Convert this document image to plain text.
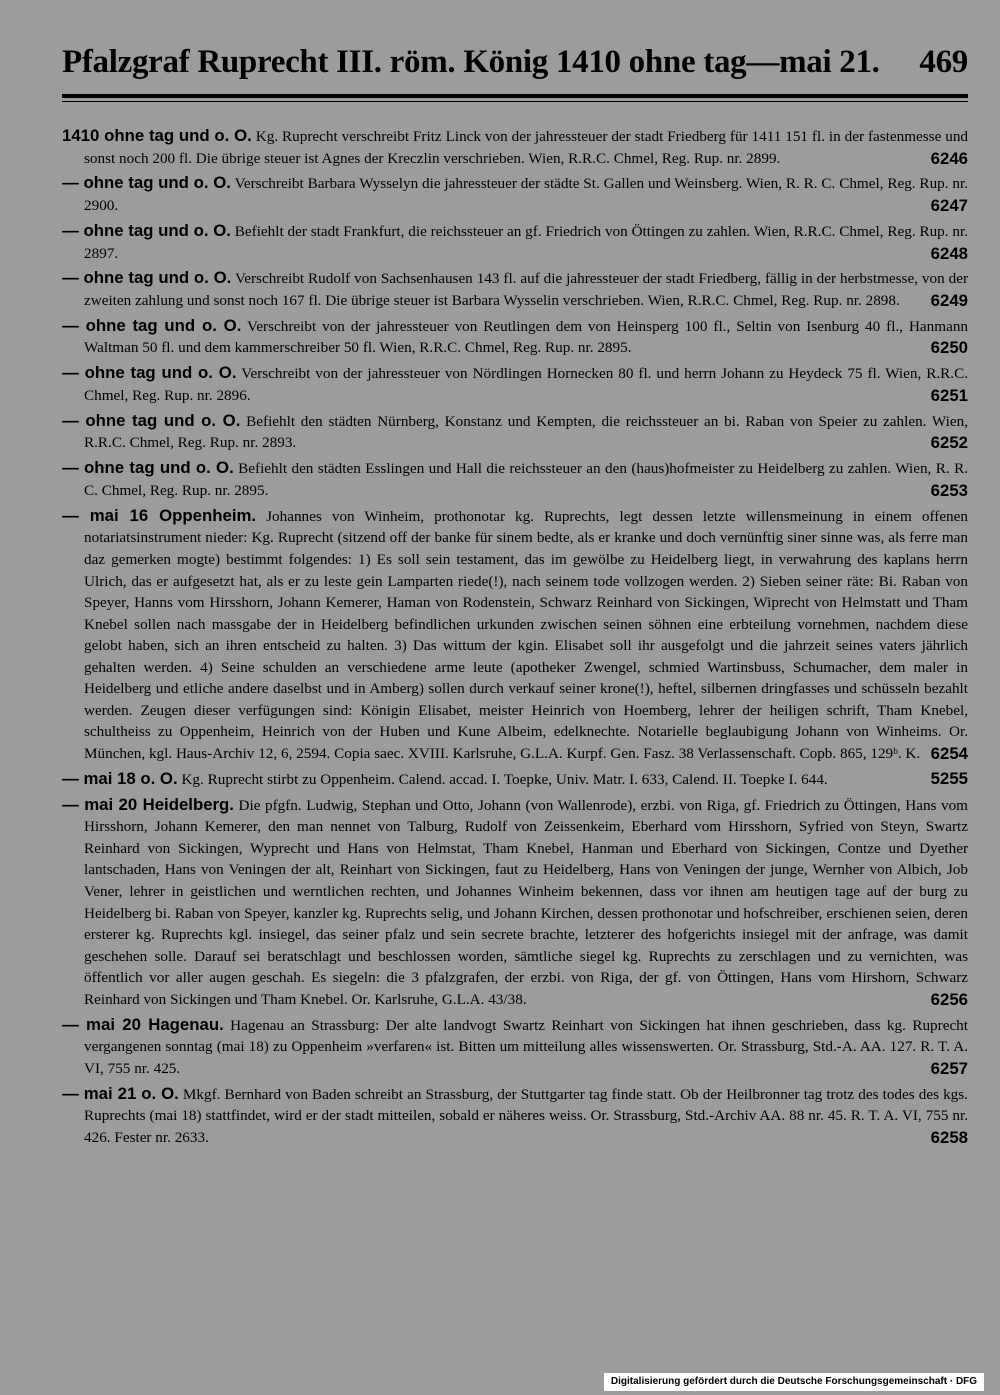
Pfalzgraf Ruprecht III. röm. König 1410 ohne tag—mai 21. 469

1410 ohne tag und o. O. Kg. Ruprecht verschreibt Fritz Linck von der jahressteuer der stadt Friedberg für 1411 151 fl. in der fastenmesse und sonst noch 200 fl. Die übrige steuer ist Agnes der Kreczlin verschrieben. Wien, R.R.C. Chmel, Reg. Rup. nr. 2899.	6246

— ohne tag und o. O. Verschreibt Barbara Wysselyn die jahressteuer der städte St. Gallen und Weinsberg. Wien, R. R. C. Chmel, Reg. Rup. nr. 2900.	6247

— ohne tag und o. O. Befiehlt der stadt Frankfurt, die reichssteuer an gf. Friedrich von Öttingen zu zahlen. Wien, R.R.C. Chmel, Reg. Rup. nr. 2897.	6248

— ohne tag und o. O. Verschreibt Rudolf von Sachsenhausen 143 fl. auf die jahressteuer der stadt Friedberg, fällig in der herbstmesse, von der zweiten zahlung und sonst noch 167 fl. Die übrige steuer ist Barbara Wysselin verschrieben. Wien, R.R.C. Chmel, Reg. Rup. nr. 2898. 6249

— ohne tag und o. O. Verschreibt von der jahressteuer von Reutlingen dem von Heinsperg 100 fl., Seltin von Isenburg 40 fl., Hanmann Waltman 50 fl. und dem kammerschreiber 50 fl. Wien, R.R.C. Chmel, Reg. Rup. nr. 2895.	6250

— ohne tag und o. O. Verschreibt von der jahressteuer von Nördlingen Hornecken 80 fl. und herrn Johann zu Heydeck 75 fl. Wien, R.R.C. Chmel, Reg. Rup. nr. 2896.	6251

— ohne tag und o. O. Befiehlt den städten Nürnberg, Konstanz und Kempten, die reichssteuer an bi. Raban von Speier zu zahlen. Wien, R.R.C. Chmel, Reg. Rup. nr. 2893.	6252

— ohne tag und o. O. Befiehlt den städten Esslingen und Hall die reichssteuer an den (haus)hofmeister zu Heidelberg zu zahlen. Wien, R. R. C. Chmel, Reg. Rup. nr. 2895.	6253

— mai 16 Oppenheim. Johannes von Winheim, prothonotar kg. Ruprechts, legt dessen letzte willensmeinung in einem offenen notariatsinstrument nieder: Kg. Ruprecht (sitzend off der banke für sinem bedte, als er kranke und doch vernünftig siner sinne was, als ferre man daz gemerken mogte) bestimmt folgendes: 1) Es soll sein testament, das im gewölbe zu Heidelberg liegt, in verwahrung des kaplans herrn Ulrich, das er aufgesetzt hat, als er zu leste gein Lamparten riede(!), nach seinem tode vollzogen werden. 2) Sieben seiner räte: Bi. Raban von Speyer, Hanns vom Hirsshorn, Johann Kemerer, Haman von Rodenstein, Schwarz Reinhard von Sickingen, Wiprecht von Helmstatt und Tham Knebel sollen nach massgabe der in Heidelberg befindlichen urkunden zwischen seinen söhnen eine erbteilung vornehmen, nachdem diese gelobt haben, sich an ihren entscheid zu halten. 3) Das wittum der kgin. Elisabet soll ihr ausgefolgt und die jahrzeit seines vaters jährlich gehalten werden. 4) Seine schulden an verschiedene arme leute (apotheker Zwengel, schmied Wartinsbuss, Schumacher, dem maler in Heidelberg und etliche andere daselbst und in Amberg) sollen durch verkauf seiner krone(!), heftel, silbernen dringfasses und schüsseln bezahlt werden. Zeugen dieser verfügungen sind: Königin Elisabet, meister Heinrich von Hoemberg, lehrer der heiligen schrift, Tham Knebel, schultheiss zu Oppenheim, Heinrich von der Huben und Kune Albeim, edelknechte. Notarielle beglaubigung Johann von Winheims. Or. München, kgl. Haus-Archiv 12, 6, 2594. Copia saec. XVIII. Karlsruhe, G.L.A. Kurpf. Gen. Fasz. 38 Verlassenschaft. Copb. 865, 129ᵇ. K. 6254

— mai 18 o. O. Kg. Ruprecht stirbt zu Oppenheim. Calend. accad. I. Toepke, Univ. Matr. I. 633, Calend. II. Toepke I. 644.	5255

— mai 20 Heidelberg. Die pfgfn. Ludwig, Stephan und Otto, Johann (von Wallenrode), erzbi. von Riga, gf. Friedrich zu Öttingen, Hans vom Hirsshorn, Johann Kemerer, den man nennet von Talburg, Rudolf von Zeissenkeim, Eberhard vom Hirsshorn, Syfried von Steyn, Swartz Reinhard von Sickingen, Wyprecht und Hans von Helmstat, Tham Knebel, Hanman und Eberhard von Sickingen, Contze und Dyether lantschaden, Hans von Veningen der alt, Reinhart von Sickingen, faut zu Heidelberg, Hans von Veningen der junge, Wernher von Albich, Job Vener, lehrer in geistlichen und werntlichen rechten, und Johannes Winheim bekennen, dass vor ihnen am heutigen tage auf der burg zu Heidelberg bi. Raban von Speyer, kanzler kg. Ruprechts selig, und Johann Kirchen, dessen prothonotar und hofschreiber, erschienen seien, deren ersterer kg. Ruprechts kgl. insiegel, das seiner pfalz und sein secrete brachte, letzterer des hofgerichts insiegel mit der anfrage, was damit geschehen solle. Darauf sei beratschlagt und beschlossen worden, sämtliche siegel kg. Ruprechts zu zerschlagen und zu vernichten, was öffentlich vor aller augen geschah. Es siegeln: die 3 pfalzgrafen, der erzbi. von Riga, der gf. von Öttingen, Hans vom Hirshorn, Schwarz Reinhard von Sickingen und Tham Knebel. Or. Karlsruhe, G.L.A. 43/38.	6256

— mai 20 Hagenau. Hagenau an Strassburg: Der alte landvogt Swartz Reinhart von Sickingen hat ihnen geschrieben, dass kg. Ruprecht vergangenen sonntag (mai 18) zu Oppenheim »verfaren« ist. Bitten um mitteilung alles wissenswerten. Or. Strassburg, Std.-A. AA. 127. R. T. A. VI, 755 nr. 425.	6257

— mai 21 o. O. Mkgf. Bernhard von Baden schreibt an Strassburg, der Stuttgarter tag finde statt. Ob der Heilbronner tag trotz des todes des kgs. Ruprechts (mai 18) stattfindet, wird er der stadt mitteilen, sobald er näheres weiss. Or. Strassburg, Std.-Archiv AA. 88 nr. 45. R. T. A. VI, 755 nr. 426. Fester nr. 2633.	6258

Digitalisierung gefördert durch die Deutsche Forschungsgemeinschaft · DFG
